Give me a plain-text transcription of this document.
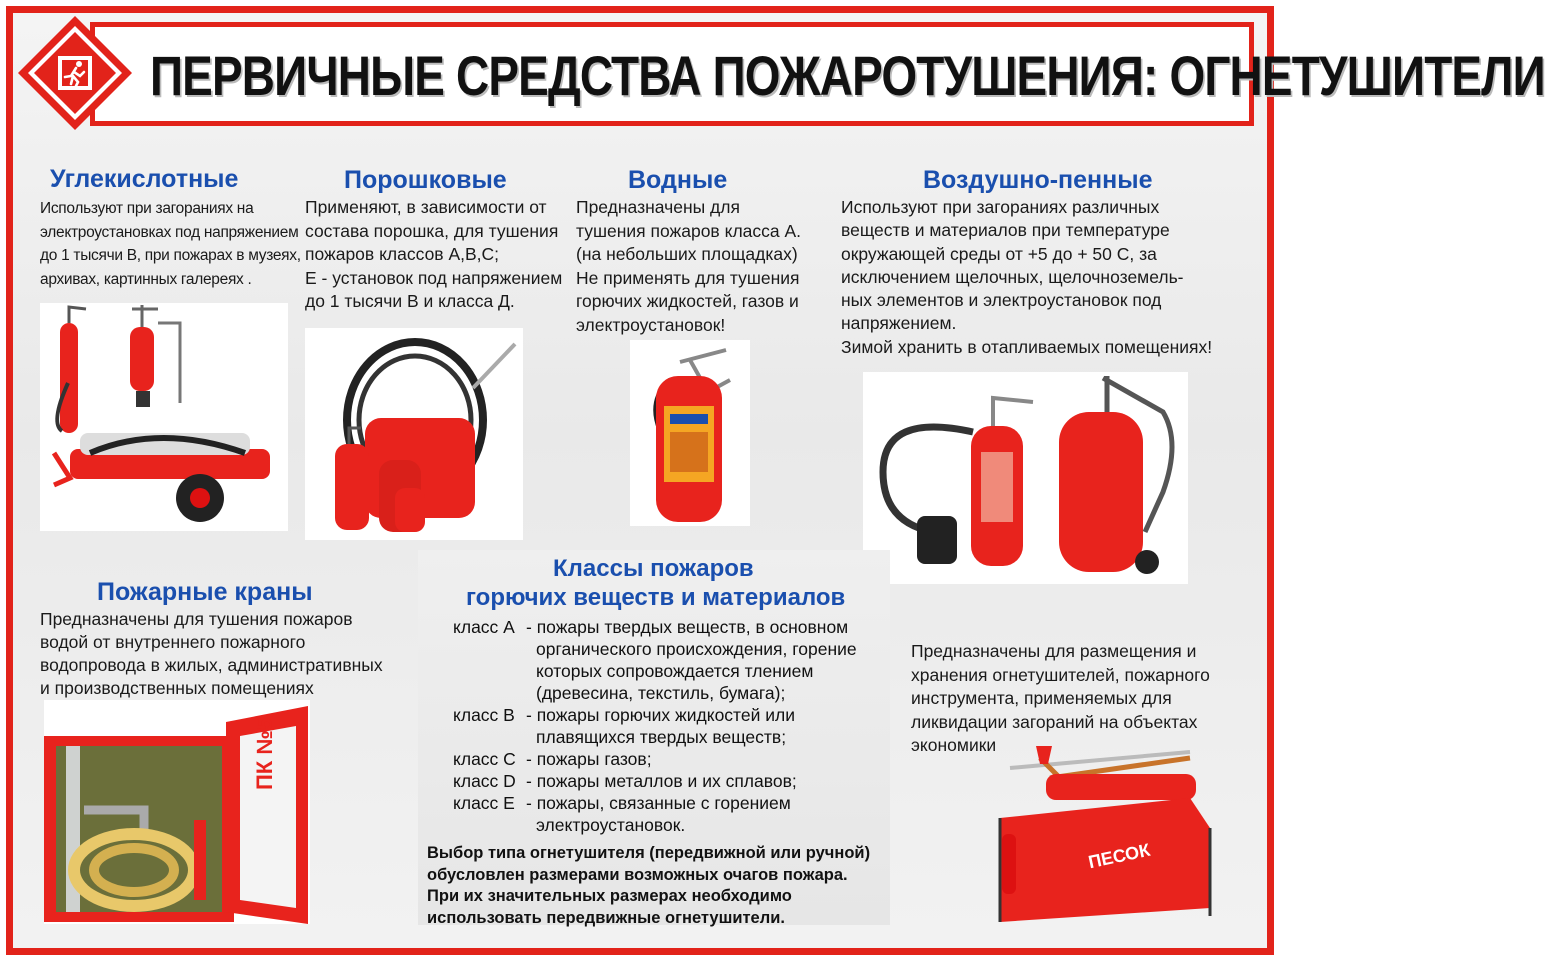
ПЕРВИЧНЫЕ СРЕДСТВА ПОЖАРОТУШЕНИЯ: ОГНЕТУШИТЕЛИ
Углекислотные
Используют при загораниях на
электроустановках под напряжением
до 1 тысячи В, при пожарах в музеях,
архивах, картинных галереях .
Порошковые
Применяют, в зависимости от
состава порошка, для тушения
пожаров классов А,В,С;
Е - установок под напряжением
до 1 тысячи В и класса Д.
Водные
Предназначены для
тушения пожаров класса А.
(на небольших площадках)
Не применять для тушения
горючих жидкостей, газов и
электроустановок!
Воздушно-пенные
Используют при загораниях различных
веществ и материалов при температуре
окружающей среды от +5 до + 50 С, за
исключением щелочных, щелочноземель-
ных элементов и электроустановок под
напряжением.
Зимой хранить в отапливаемых помещениях!
Пожарные краны
Предназначены для тушения пожаров
водой от внутреннего пожарного
водопровода в жилых, административных
и производственных помещениях
ПК №5
Классы пожаров
горючих веществ и материалов
класс А - пожары твердых веществ, в основном
органического происхождения, горение
которых сопровождается тлением
(древесина, текстиль, бумага);
класс В - пожары горючих жидкостей или
плавящихся твердых веществ;
класс С - пожары газов;
класс D - пожары металлов и их сплавов;
класс Е - пожары, связанные с горением
электроустановок.
Выбор типа огнетушителя (передвижной или ручной)
обусловлен размерами возможных очагов пожара.
При их значительных размерах необходимо
использовать передвижные огнетушители.
Предназначены для размещения и
хранения огнетушителей, пожарного
инструмента, применяемых для
ликвидации загораний на объектах
экономики
ПЕСОК
